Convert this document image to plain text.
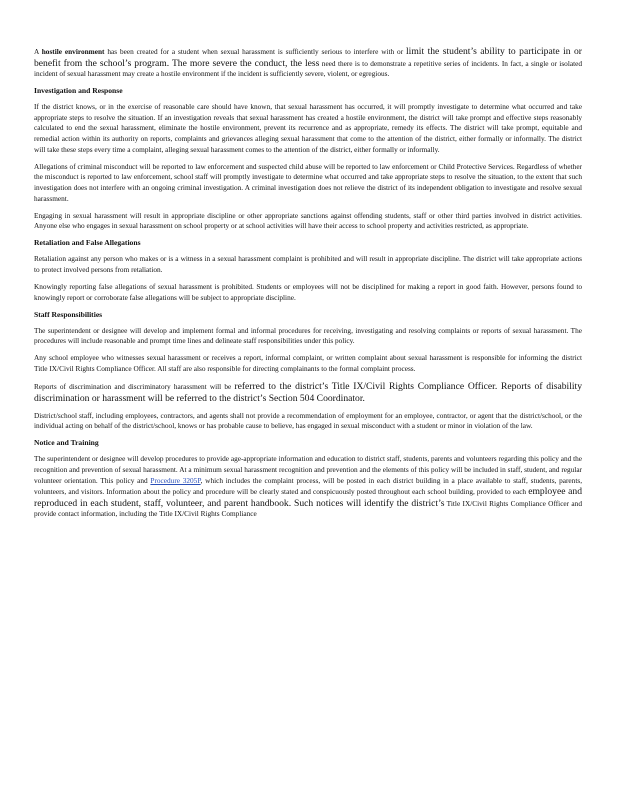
A hostile environment has been created for a student when sexual harassment is sufficiently serious to interfere with or limit the student’s ability to participate in or benefit from the school’s program. The more severe the conduct, the less need there is to demonstrate a repetitive series of incidents. In fact, a single or isolated incident of sexual harassment may create a hostile environment if the incident is sufficiently severe, violent, or egregious.

Investigation and Response

If the district knows, or in the exercise of reasonable care should have known, that sexual harassment has occurred, it will promptly investigate to determine what occurred and take appropriate steps to resolve the situation. If an investigation reveals that sexual harassment has created a hostile environment, the district will take prompt and effective steps reasonably calculated to end the sexual harassment, eliminate the hostile environment, prevent its recurrence and as appropriate, remedy its effects. The district will take prompt, equitable and remedial action within its authority on reports, complaints and grievances alleging sexual harassment that come to the attention of the district, either formally or informally. The district will take these steps every time a complaint, alleging sexual harassment comes to the attention of the district, either formally or informally.

Allegations of criminal misconduct will be reported to law enforcement and suspected child abuse will be reported to law enforcement or Child Protective Services. Regardless of whether the misconduct is reported to law enforcement, school staff will promptly investigate to determine what occurred and take appropriate steps to resolve the situation, to the extent that such investigation does not interfere with an ongoing criminal investigation. A criminal investigation does not relieve the district of its independent obligation to investigate and resolve sexual harassment.

Engaging in sexual harassment will result in appropriate discipline or other appropriate sanctions against offending students, staff or other third parties involved in district activities. Anyone else who engages in sexual harassment on school property or at school activities will have their access to school property and activities restricted, as appropriate.

Retaliation and False Allegations

Retaliation against any person who makes or is a witness in a sexual harassment complaint is prohibited and will result in appropriate discipline. The district will take appropriate actions to protect involved persons from retaliation.

Knowingly reporting false allegations of sexual harassment is prohibited. Students or employees will not be disciplined for making a report in good faith. However, persons found to knowingly report or corroborate false allegations will be subject to appropriate discipline.

Staff Responsibilities

The superintendent or designee will develop and implement formal and informal procedures for receiving, investigating and resolving complaints or reports of sexual harassment. The procedures will include reasonable and prompt time lines and delineate staff responsibilities under this policy.

Any school employee who witnesses sexual harassment or receives a report, informal complaint, or written complaint about sexual harassment is responsible for informing the district Title IX/Civil Rights Compliance Officer. All staff are also responsible for directing complainants to the formal complaint process.

Reports of discrimination and discriminatory harassment will be referred to the district’s Title IX/Civil Rights Compliance Officer. Reports of disability discrimination or harassment will be referred to the district’s Section 504 Coordinator.

District/school staff, including employees, contractors, and agents shall not provide a recommendation of employment for an employee, contractor, or agent that the district/school, or the individual acting on behalf of the district/school, knows or has probable cause to believe, has engaged in sexual misconduct with a student or minor in violation of the law.

Notice and Training

The superintendent or designee will develop procedures to provide age-appropriate information and education to district staff, students, parents and volunteers regarding this policy and the recognition and prevention of sexual harassment. At a minimum sexual harassment recognition and prevention and the elements of this policy will be included in staff, student, and regular volunteer orientation. This policy and Procedure 3205P, which includes the complaint process, will be posted in each district building in a place available to staff, students, parents, volunteers, and visitors. Information about the policy and procedure will be clearly stated and conspicuously posted throughout each school building, provided to each employee and reproduced in each student, staff, volunteer, and parent handbook. Such notices will identify the district’s Title IX/Civil Rights Compliance Officer and provide contact information, including the Title IX/Civil Rights Compliance
